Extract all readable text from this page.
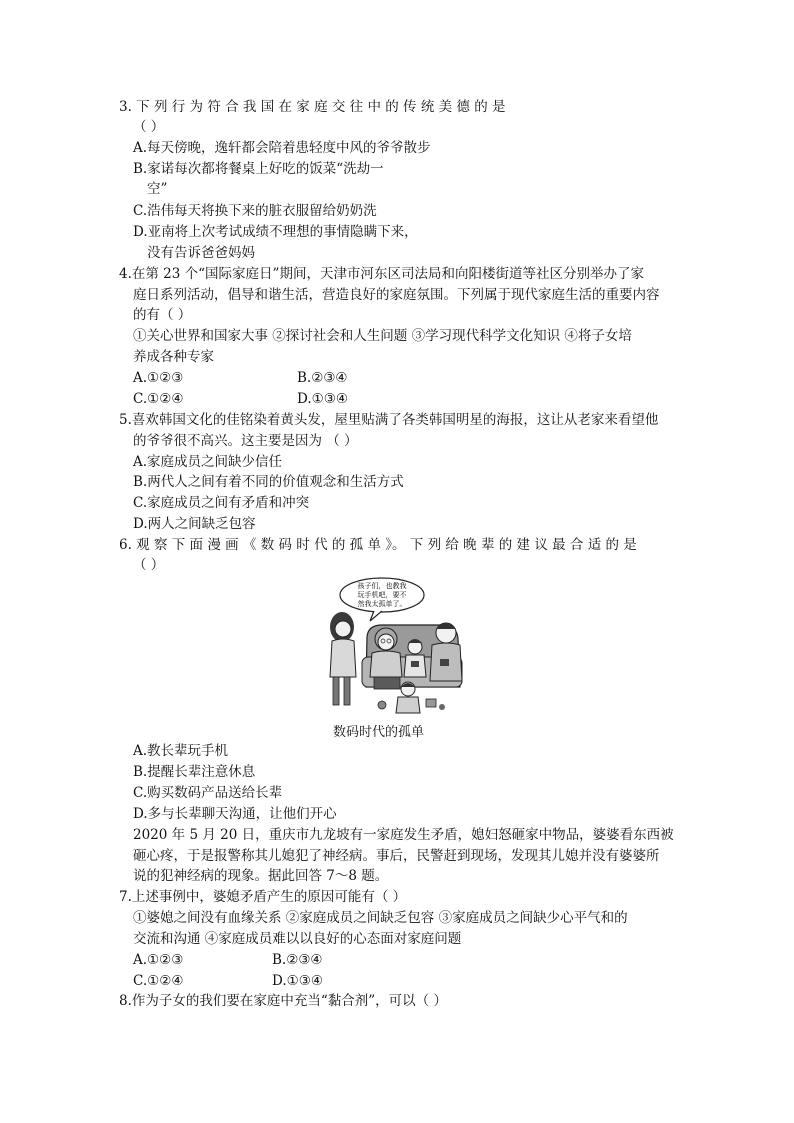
3. 下 列 行 为 符 合 我 国 在 家 庭 交 往 中 的 传 统 美 德 的 是
（ ）
A.每天傍晚，逸轩都会陪着患轻度中风的爷爷散步
B.家诺每次都将餐桌上好吃的饭菜“洗劫一
空”
C.浩伟每天将换下来的脏衣服留给奶奶洗
D.亚南将上次考试成绩不理想的事情隐瞒下来，
没有告诉爸爸妈妈
4.在第 23 个“国际家庭日”期间，天津市河东区司法局和向阳楼街道等社区分别举办了家
庭日系列活动，倡导和谐生活，营造良好的家庭氛围。下列属于现代家庭生活的重要内容
的有（ ）
①关心世界和国家大事 ②探讨社会和人生问题 ③学习现代科学文化知识 ④将子女培
养成各种专家
A.①②③	B.②③④
C.①②④	D.①③④
5.喜欢韩国文化的佳铭染着黄头发，屋里贴满了各类韩国明星的海报，这让从老家来看望他
的爷爷很不高兴。这主要是因为 （ ）
A.家庭成员之间缺少信任
B.两代人之间有着不同的价值观念和生活方式
C.家庭成员之间有矛盾和冲突
D.两人之间缺乏包容
6. 观 察 下 面 漫 画 《 数 码 时 代 的 孤 单 》。 下 列 给 晚 辈 的 建 议 最 合 适 的 是
（ ）
孩子们，也教我
玩手机吧，要不
然我太孤单了。
数码时代的孤单
A.教长辈玩手机
B.提醒长辈注意休息
C.购买数码产品送给长辈
D.多与长辈聊天沟通，让他们开心
2020 年 5 月 20 日，重庆市九龙坡有一家庭发生矛盾，媳妇怒砸家中物品，婆婆看东西被
砸心疼，于是报警称其儿媳犯了神经病。事后，民警赶到现场，发现其儿媳并没有婆婆所
说的犯神经病的现象。据此回答 7～8 题。
7.上述事例中，婆媳矛盾产生的原因可能有（ ）
①婆媳之间没有血缘关系 ②家庭成员之间缺乏包容 ③家庭成员之间缺少心平气和的
交流和沟通 ④家庭成员难以以良好的心态面对家庭问题
A.①②③	B.②③④
C.①②④	D.①③④
8.作为子女的我们要在家庭中充当“黏合剂”，可以（ ）
